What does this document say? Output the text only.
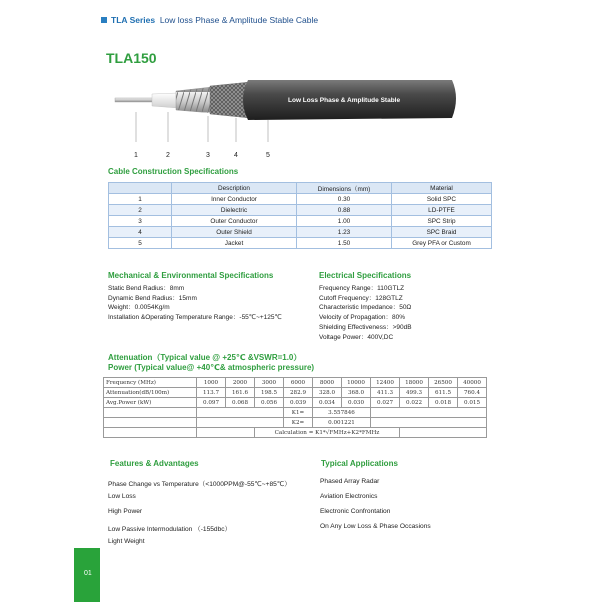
TLA Series Low loss Phase & Amplitude Stable Cable
TLA150
Low Loss Phase & Amplitude Stable
1	2	3	4	5
Cable Construction Specifications
	Description	Dimensions（mm)	Material
1	Inner Conductor	0.30	Solid SPC
2	Dielectric	0.88	LD-PTFE
3	Outer Conductor	1.00	SPC Strip
4	Outer Shield	1.23	SPC Braid
5	Jacket	1.50	Grey PFA or Custom
Mechanical & Environmental Specifications
Static Bend Radius：8mm
Dynamic Bend Radius：15mm
Weight：0.0054Kg/m
Installation &Operating Temperature Range：-55℃~+125℃
Electrical Specifications
Frequency Range：110GTLZ
Cutoff Frequency：128GTLZ
Characteristic Impedance：50Ω
Velocity of Propagation：80%
Shielding Effectiveness：>90dB
Voltage Power：400V,DC
Attenuation（Typical value @ +25℃ &VSWR=1.0）
Power (Typical value@ +40℃& atmospheric pressure)
Frequency (MHz)	1000	2000	3000	6000	8000	10000	12400	18000	26500	40000
Attenuation(dB/100m)	113.7	161.6	198.5	282.9	328.0	368.0	411.3	499.3	611.5	760.4
Avg.Power (kW)	0.097	0.068	0.056	0.039	0.034	0.030	0.027	0.022	0.018	0.015
				K1=	3.557846					
				K2=	0.001221					
			Calculation = K1*√FMHz+K2*FMHz							
Features & Advantages
Phase Change vs Temperature（<1000PPM@-55℃~+85℃）
Low Loss
High Power
Low Passive Intermodulation （-155dbc）
Light Weight
Typical Applications
Phased Array Radar
Aviation Electronics
Electronic Confrontation
On Any Low Loss & Phase Occasions
01
